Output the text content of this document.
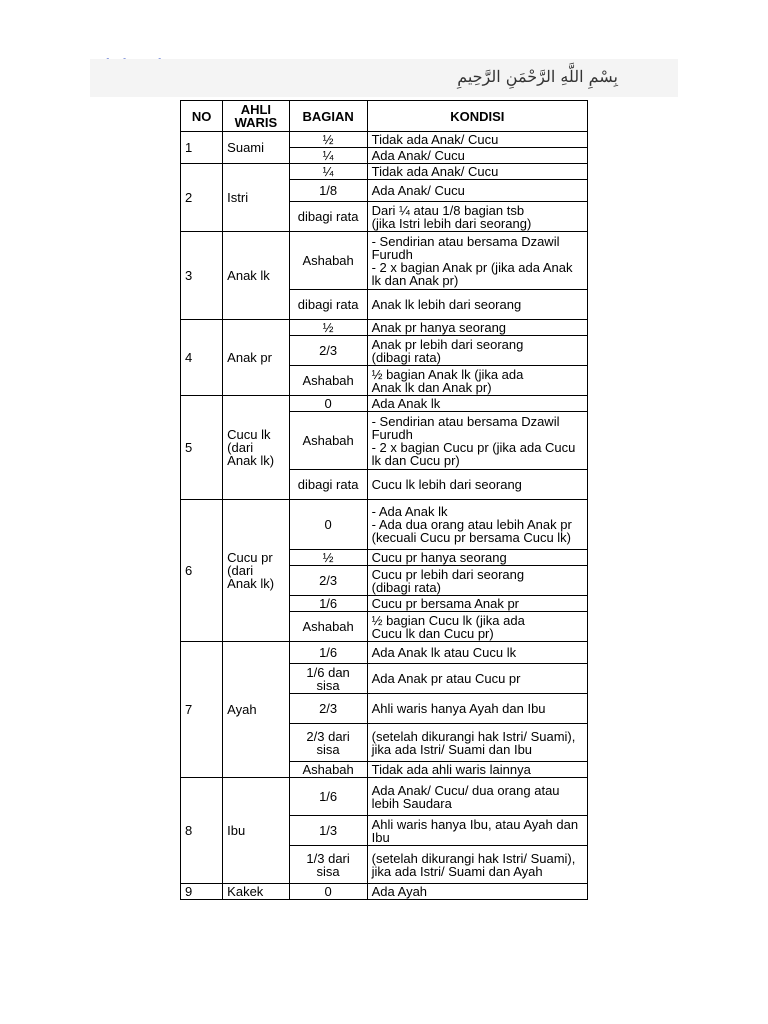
بِسْمِ اللَّهِ الرَّحْمَنِ الرَّحِيمِ
NO	AHLI WARIS	BAGIAN	KONDISI
1	Suami	½	Tidak ada Anak/ Cucu

		¼	Ada Anak/ Cucu

2	Istri	¼	Tidak ada Anak/ Cucu

		1/8	Ada Anak/ Cucu

		dibagi rata	Dari ¼ atau 1/8 bagian tsb
(jika Istri lebih dari seorang)

3	Anak lk	Ashabah	- Sendirian atau bersama Dzawil Furudh
- 2 x bagian Anak pr (jika ada Anak lk dan Anak pr)

		dibagi rata	Anak lk lebih dari seorang

4	Anak pr	½	Anak pr hanya seorang

		2/3	Anak pr lebih dari seorang
(dibagi rata)

		Ashabah	½ bagian Anak lk (jika ada
Anak lk dan Anak pr)

5	Cucu lk (dari Anak lk)	0	Ada Anak lk

		Ashabah	- Sendirian atau bersama Dzawil Furudh
- 2 x bagian Cucu pr (jika ada Cucu lk dan Cucu pr)

		dibagi rata	Cucu lk lebih dari seorang

6	Cucu pr (dari Anak lk)	0	- Ada Anak lk
- Ada dua orang atau lebih Anak pr (kecuali Cucu pr bersama Cucu lk)

		½	Cucu pr hanya seorang

		2/3	Cucu pr lebih dari seorang
(dibagi rata)

		1/6	Cucu pr bersama Anak pr

		Ashabah	½ bagian Cucu lk (jika ada
Cucu lk dan Cucu pr)

7	Ayah	1/6	Ada Anak lk atau Cucu lk

		1/6 dan sisa	Ada Anak pr atau Cucu pr

		2/3	Ahli waris hanya Ayah dan Ibu

		2/3 dari sisa	(setelah dikurangi hak Istri/ Suami), jika ada Istri/ Suami dan Ibu

		Ashabah	Tidak ada ahli waris lainnya

8	Ibu	1/6	Ada Anak/ Cucu/ dua orang atau lebih Saudara

		1/3	Ahli waris hanya Ibu, atau Ayah dan Ibu

		1/3 dari sisa	(setelah dikurangi hak Istri/ Suami), jika ada Istri/ Suami dan Ayah

9	Kakek	0	Ada Ayah
